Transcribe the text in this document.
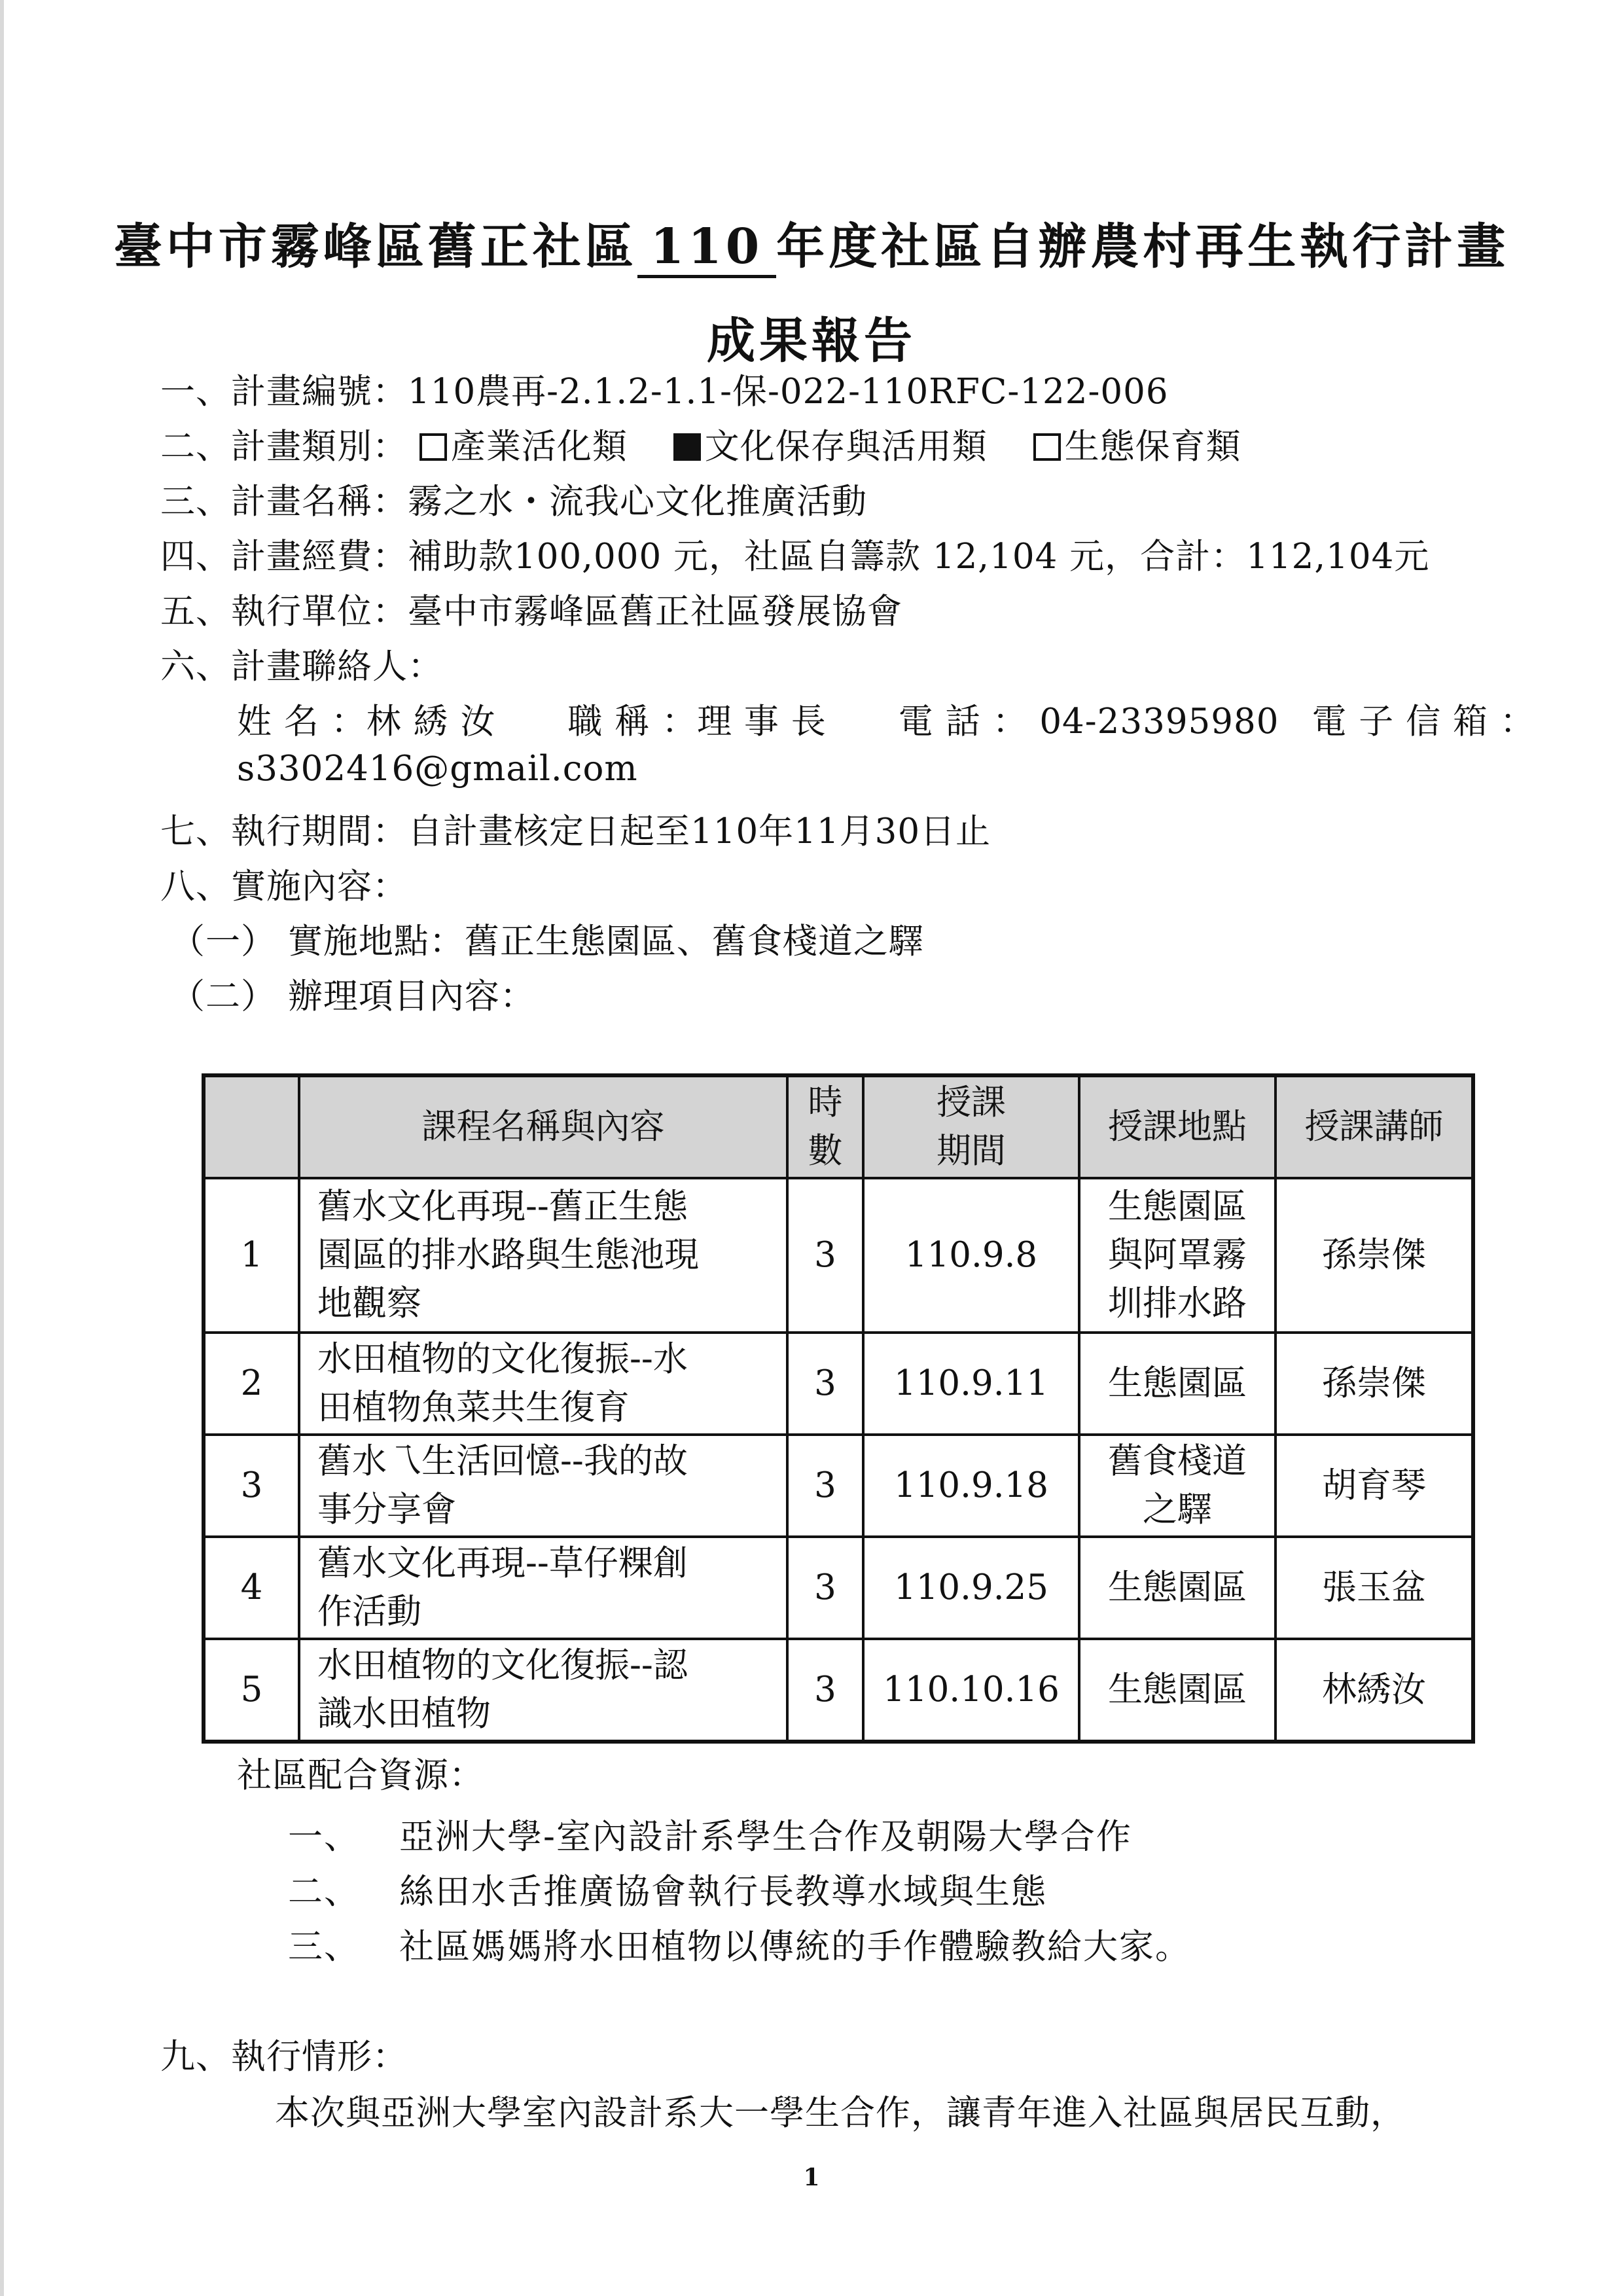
臺中市霧峰區舊正社區 110 年度社區自辦農村再生執行計畫
成果報告
一、計畫編號：110農再-2.1.2-1.1-保-022-110RFC-122-006
二、計畫類別： 產業活化類 文化保存與活用類 生態保育類
三、計畫名稱：霧之水・流我心文化推廣活動
四、計畫經費：補助款100,000 元，社區自籌款 12,104 元，合計：112,104元
五、執行單位：臺中市霧峰區舊正社區發展協會
六、計畫聯絡人：
姓 名 ：林 綉 汝 職 稱 ：理 事 長 電 話 ： 04-23395980 電 子 信 箱 ：
s3302416@gmail.com
七、執行期間：自計畫核定日起至110年11月30日止
八、實施內容：
（一） 實施地點：舊正生態園區、舊食棧道之驛
（二） 辦理項目內容：
	課程名稱與內容	時
數	授課
期間	授課地點	授課講師
1	舊水文化再現--舊正生態
園區的排水路與生態池現
地觀察	3	110.9.8	生態園區
與阿罩霧
圳排水路	孫崇傑
2	水田植物的文化復振--水
田植物魚菜共生復育	3	110.9.11	生態園區	孫崇傑
3	舊水乁生活回憶--我的故
事分享會	3	110.9.18	舊食棧道
之驛	胡育琴
4	舊水文化再現--草仔粿創
作活動	3	110.9.25	生態園區	張玉盆
5	水田植物的文化復振--認
識水田植物	3	110.10.16	生態園區	林綉汝
社區配合資源：
一、 亞洲大學-室內設計系學生合作及朝陽大學合作
二、 絲田水舌推廣協會執行長教導水域與生態
三、 社區媽媽將水田植物以傳統的手作體驗教給大家。
九、執行情形：
本次與亞洲大學室內設計系大一學生合作，讓青年進入社區與居民互動，
1
